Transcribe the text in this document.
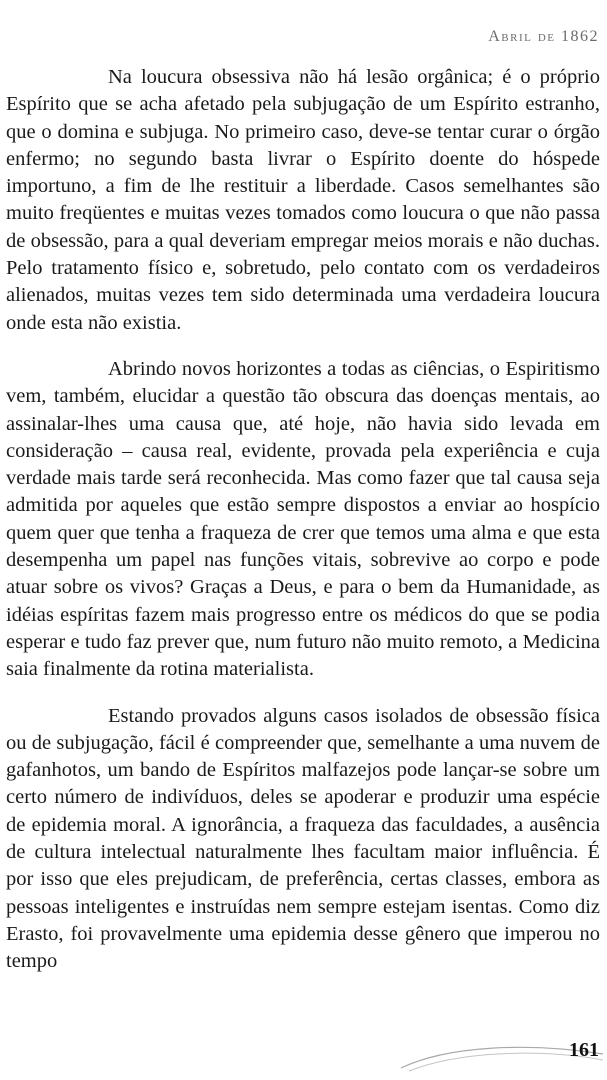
Abril de 1862

Na loucura obsessiva não há lesão orgânica; é o próprio Espírito que se acha afetado pela subjugação de um Espírito estranho, que o domina e subjuga. No primeiro caso, deve-se tentar curar o órgão enfermo; no segundo basta livrar o Espírito doente do hóspede importuno, a fim de lhe restituir a liberdade. Casos semelhantes são muito freqüentes e muitas vezes tomados como loucura o que não passa de obsessão, para a qual deveriam empregar meios morais e não duchas. Pelo tratamento físico e, sobretudo, pelo contato com os verdadeiros alienados, muitas vezes tem sido determinada uma verdadeira loucura onde esta não existia.

Abrindo novos horizontes a todas as ciências, o Espiritismo vem, também, elucidar a questão tão obscura das doenças mentais, ao assinalar-lhes uma causa que, até hoje, não havia sido levada em consideração – causa real, evidente, provada pela experiência e cuja verdade mais tarde será reconhecida. Mas como fazer que tal causa seja admitida por aqueles que estão sempre dispostos a enviar ao hospício quem quer que tenha a fraqueza de crer que temos uma alma e que esta desempenha um papel nas funções vitais, sobrevive ao corpo e pode atuar sobre os vivos? Graças a Deus, e para o bem da Humanidade, as idéias espíritas fazem mais progresso entre os médicos do que se podia esperar e tudo faz prever que, num futuro não muito remoto, a Medicina saia finalmente da rotina materialista.

Estando provados alguns casos isolados de obsessão física ou de subjugação, fácil é compreender que, semelhante a uma nuvem de gafanhotos, um bando de Espíritos malfazejos pode lançar-se sobre um certo número de indivíduos, deles se apoderar e produzir uma espécie de epidemia moral. A ignorância, a fraqueza das faculdades, a ausência de cultura intelectual naturalmente lhes facultam maior influência. É por isso que eles prejudicam, de preferência, certas classes, embora as pessoas inteligentes e instruídas nem sempre estejam isentas. Como diz Erasto, foi provavelmente uma epidemia desse gênero que imperou no tempo

161
